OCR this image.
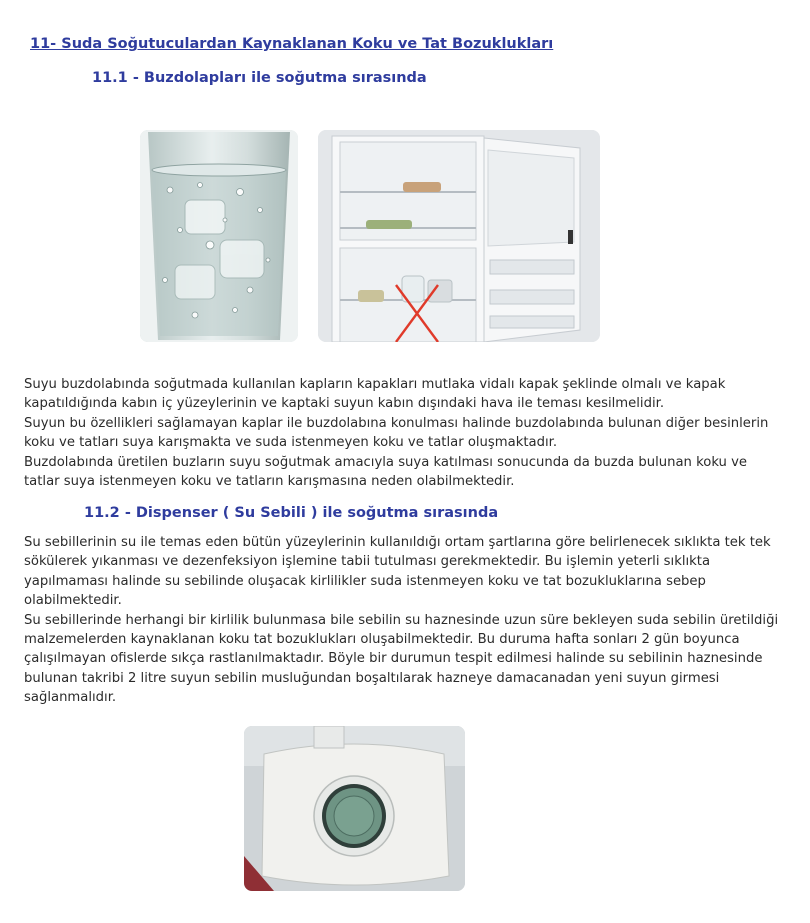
11- Suda Soğutuculardan Kaynaklanan Koku ve Tat Bozuklukları
11.1 - Buzdolapları ile soğutma sırasında

Suyu buzdolabında soğutmada kullanılan kapların kapakları mutlaka vidalı kapak şeklinde olmalı ve kapak kapatıldığında kabın iç yüzeylerinin ve kaptaki suyun kabın dışındaki hava ile teması kesilmelidir.

Suyun bu özellikleri sağlamayan kaplar ile buzdolabına konulması halinde buzdolabında bulunan diğer besinlerin koku ve tatları suya karışmakta ve suda istenmeyen koku ve tatlar oluşmaktadır.

Buzdolabında üretilen buzların suyu soğutmak amacıyla suya katılması sonucunda da buzda bulunan koku ve tatlar suya istenmeyen koku ve tatların karışmasına neden olabilmektedir.

11.2 - Dispenser ( Su Sebili ) ile soğutma sırasında

Su sebillerinin su ile temas eden bütün yüzeylerinin kullanıldığı ortam şartlarına göre belirlenecek sıklıkta tek tek sökülerek yıkanması ve dezenfeksiyon işlemine tabii tutulması gerekmektedir. Bu işlemin yeterli sıklıkta yapılmaması halinde su sebilinde oluşacak kirlilikler suda istenmeyen koku ve tat bozukluklarına sebep olabilmektedir.

Su sebillerinde herhangi bir kirlilik bulunmasa bile sebilin su haznesinde uzun süre bekleyen suda sebilin üretildiği malzemelerden kaynaklanan koku tat bozuklukları oluşabilmektedir. Bu duruma hafta sonları 2 gün boyunca çalışılmayan ofislerde sıkça rastlanılmaktadır. Böyle bir durumun tespit edilmesi halinde su sebilinin haznesinde bulunan takribi 2 litre suyun sebilin musluğundan boşaltılarak hazneye damacanadan yeni suyun girmesi sağlanmalıdır.
